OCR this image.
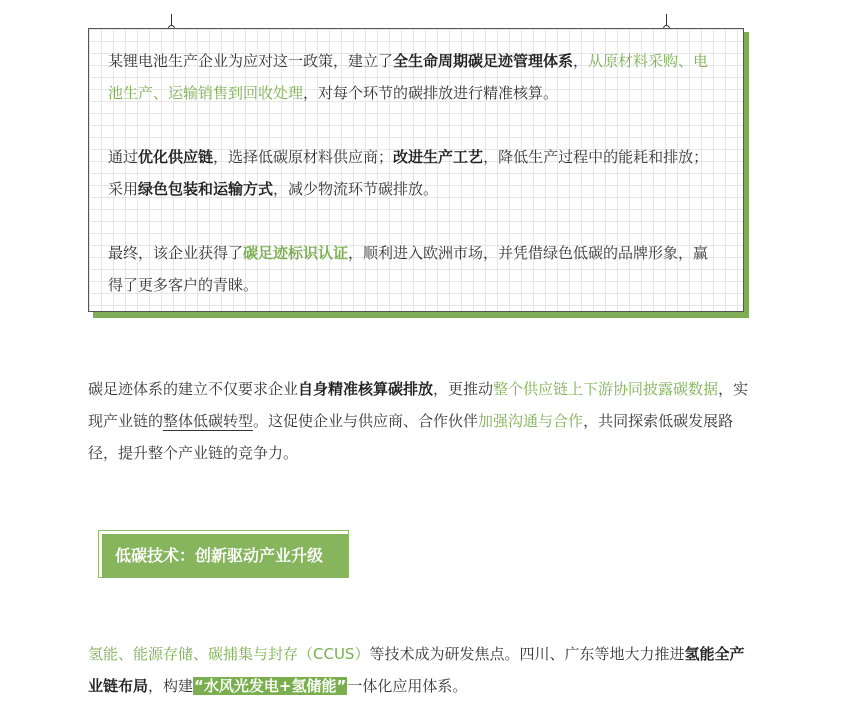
某锂电池生产企业为应对这一政策，建立了全生命周期碳足迹管理体系，从原材料采购、电池生产、运输销售到回收处理，对每个环节的碳排放进行精准核算。

通过优化供应链，选择低碳原材料供应商；改进生产工艺，降低生产过程中的能耗和排放；采用绿色包装和运输方式，减少物流环节碳排放。

最终，该企业获得了碳足迹标识认证，顺利进入欧洲市场，并凭借绿色低碳的品牌形象，赢得了更多客户的青睐。

碳足迹体系的建立不仅要求企业自身精准核算碳排放，更推动整个供应链上下游协同披露碳数据，实现产业链的整体低碳转型。这促使企业与供应商、合作伙伴加强沟通与合作，共同探索低碳发展路径，提升整个产业链的竞争力。

低碳技术：创新驱动产业升级

氢能、能源存储、碳捕集与封存（CCUS）等技术成为研发焦点。四川、广东等地大力推进氢能全产业链布局，构建“水风光发电+氢储能”一体化应用体系。
